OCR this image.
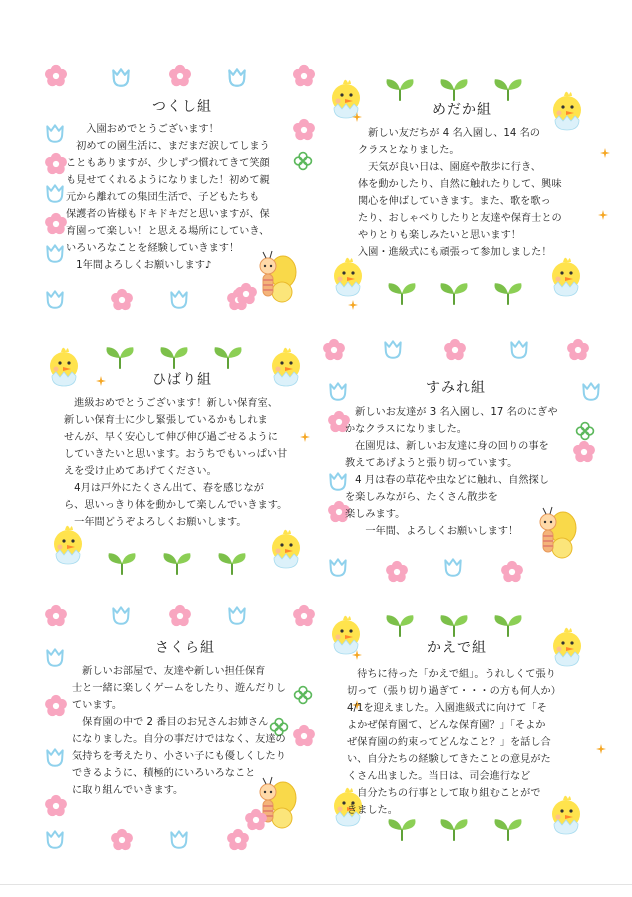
つくし組

　　入園おめでとうございます！

　初めての園生活に、まだまだ涙してしまう

こともありますが、少しずつ慣れてきて笑顔

も見せてくれるようになりました！初めて親

元から離れての集団生活で、子どもたちも

保護者の皆様もドキドキだと思いますが、保

育園って楽しい！と思える場所にしていき、

いろいろなことを経験していきます！

　1年間よろしくお願いします♪

めだか組

　新しい友だちが 4 名入園し、14 名の

クラスとなりました。

　天気が良い日は、園庭や散歩に行き、

体を動かしたり、自然に触れたりして、興味

関心を伸ばしていきます。また、歌を歌っ

たり、おしゃべりしたりと友達や保育士との

やりとりも楽しみたいと思います！

入園・進級式にも頑張って参加しました！

ひばり組

　進級おめでとうございます！新しい保育室、

新しい保育士に少し緊張しているかもしれま

せんが、早く安心して伸び伸び過ごせるように

していきたいと思います。おうちでもいっぱい甘

えを受け止めてあげてください。

　4月は戸外にたくさん出て、春を感じなが

ら、思いっきり体を動かして楽しんでいきます。

　一年間どうぞよろしくお願いします。

すみれ組

　新しいお友達が 3 名入園し、17 名のにぎや

かなクラスになりました。

　在園児は、新しいお友達に身の回りの事を

教えてあげようと張り切っています。

　4 月は春の草花や虫などに触れ、自然探し

を楽しみながら、たくさん散歩を

楽しみます。

　　一年間、よろしくお願いします！

さくら組

　新しいお部屋で、友達や新しい担任保育

士と一緒に楽しくゲームをしたり、遊んだりし

ています。

　保育園の中で 2 番目のお兄さんお姉さん

になりました。自分の事だけではなく、友達の

気持ちを考えたり、小さい子にも優しくしたり

できるように、積極的にいろいろなこと

に取り組んでいきます。

かえで組

　待ちに待った「かえで組」。うれしくて張り

切って（張り切り過ぎて・・・の方も何人か）

4/1を迎えました。入園進級式に向けて「そ

よかぜ保育園て、どんな保育園？」「そよか

ぜ保育園の約束ってどんなこと？」を話し合

い、自分たちの経験してきたことの意見がた

くさん出ました。当日は、司会進行など

　自分たちの行事として取り組むことがで

きました。
